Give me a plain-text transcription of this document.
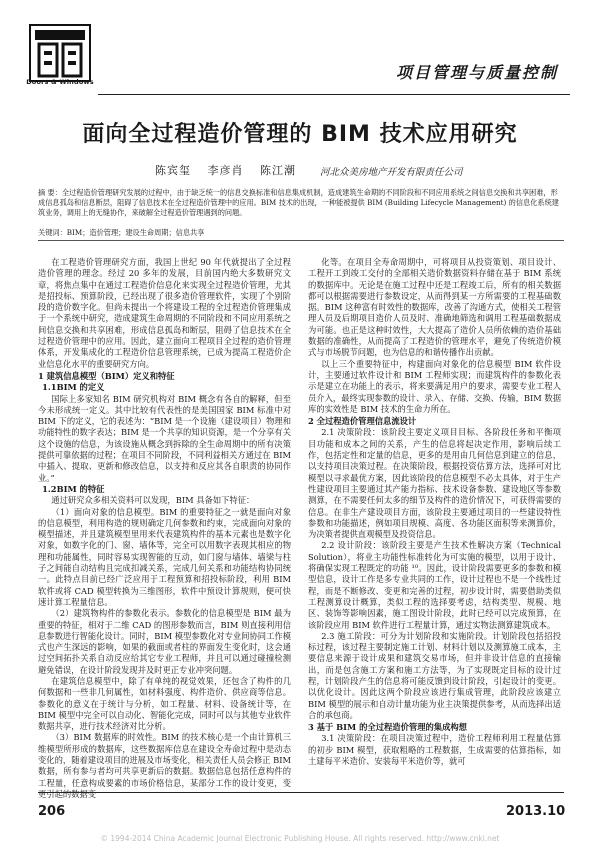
Doors & Windows	项目管理与质量控制
面向全过程造价管理的 BIM 技术应用研究
陈宾玺 李彦肖 陈江潮	河北众美房地产开发有限责任公司
摘 要：全过程造价管理研究发展的过程中，由于缺乏统一的信息交换标准和信息集成机制，造成建筑生命期的不同阶段和不同应用系统之间信息交换和共享困难，形成信息孤岛和信息断层，阻碍了信息技术在全过程造价管理中的应用。BIM 技术的出现，一种能被提供 BIM (Building Lifecycle Management) 的信息化系统建筑业务，调用上的无缝协作，来破解全过程造价管理遇到的问题。
关键词：BIM；造价管理；建设生命周期；信息共享

在工程造价管理研究方面，我国上世纪 90 年代就提出了全过程造价管理的理念。经过 20 多年的发展，目前国内绝大多数研究文章，将焦点集中在通过工程造价信息化来实现全过程造价管理，尤其是招投标、预算阶段，已经出现了很多造价管理软件，实现了个别阶段的造价数字化。但尚未提出一个将建设工程的全过程造价管理集成于一个系统中研究，造成建筑生命周期的不同阶段和不同应用系统之间信息交换和共享困难，形成信息孤岛和断层，阻碍了信息技术在全过程造价管理中的应用。因此，建立面向工程项目全过程的造价管理体系，开发集成化的工程造价信息管理系统，已成为提高工程造价企业信息化水平的重要研究方向。

1 建筑信息模型（BIM）定义和特征

1.1BIM 的定义

国际上多家知名 BIM 研究机构对 BIM 概念有各自的解释，但至今未形成统一定义。其中比较有代表性的是美国国家 BIM 标准中对 BIM 下的定义，它的表述为：“BIM 是一个设施（建设项目）物理和功能特性的数字表达；BIM 是一个共享的知识资源，是一个分享有关这个设施的信息，为该设施从概念到拆除的全生命周期中的所有决策提供可靠依据的过程；在项目不同阶段，不同利益相关方通过在 BIM 中插入、提取、更新和修改信息，以支持和反应其各自职责的协同作业。”

1.2BIM 的特征

通过研究众多相关资料可以发现，BIM 具备如下特征：

（1）面向对象的信息模型。BIM 的重要特征之一就是面向对象的信息模型，利用构造的规则确定几何参数和约束，完成面向对象的模型描述，并且建筑模型里用来代表建筑构件的基本元素也是数字化对象，如数字化的门、窗、墙体等，完全可以用数字表现其相应的物理和功能属性，同时容易实现智能的互动，如门窗与墙体、墙梁与柱子之间能自动结构且完成扣减关系，完成几何关系和功能结构协同统一。此特点目前已经广泛应用于工程预算和招投标阶段，利用 BIM 软件或将 CAD 模型转换为三维图形，软件中预设计算规则，便可快速计算工程量信息。

（2）建筑物构件的参数化表示。参数化的信息模型是 BIM 最为重要的特征，相对于二维 CAD 的图形参数而言，BIM 则直接利用信息参数进行智能化设计。同时，BIM 模型参数化对专业间协同工作模式也产生深远的影响，如果的截面或者柱的界面发生变化时，这会通过空间拓扑关系自动反应给其它专业工程师，并且可以通过碰撞检测避免错误，在设计阶段发现并及时更正专业冲突问题。

在建筑信息模型中，除了有单纯的视觉效果，还包含了构件的几何数据和一些非几何属性，如材料强度、构件造价、供应商等信息。参数化的意义在于统计与分析，如工程量、材料、设备统计等，在 BIM 模型中完全可以自动化、智能化完成，同时可以与其他专业软件数据共享，进行技术经济对比分析。

（3）BIM 数据库的时效性。BIM 的技术核心是一个由计算机三维模型所形成的数据库，这些数据库信息在建设全寿命过程中是动态变化的，随着建设项目的进展及市场变化，相关责任人员会修正 BIM 数据，所有参与者均可共享更新后的数据。数据信息包括任意构件的工程量，任意构成要素的市场价格信息，某部分工作的设计变更，变更引起的数据变

化等。在项目全寿命周期中，可将项目从投资策划、项目设计、工程开工到竣工交付的全部相关造价数据资料存储在基于 BIM 系统的数据库中。无论是在施工过程中还是工程竣工后，所有的相关数据都可以根据需要进行参数设定，从而得到某一方所需要的工程基础数据。BIM 这种富有时效性的数据库，改善了沟通方式，使相关工程管理人员及后期项目造价人员及时、准确地筛选和调用工程基础数据成为可能。也正是这种时效性，大大提高了造价人员所依赖的造价基础数据的准确性，从而提高了工程造价的管理水平，避免了传统造价模式与市场脱节问题，也为信息的和谐传播作出贡献。

以上三个重要特征中，构建面向对象化的信息模型 BIM 软件设计，主要通过软件设计和 BIM 工程师实现；而建筑构件的参数化表示是建立在功能上的表示，将来要满足用户的要求，需要专业工程人员介入，最终实现参数的设计、录入、存储、交换、传输，BIM 数据库的实效性是 BIM 技术的生命力所在。

2 全过程造价管理信息流设计

2.1 决策阶段：该阶段主要定义项目目标、各阶段任务和平衡项目功能和成本之间的关系，产生的信息将起决定作用，影响后续工作，包括定性和定量的信息，更多的是用由几何信息到建立的信息，以支持项目决策过程。在决策阶段，根据投资估算方法，选择可对比模型以寻求最优方案，因此该阶段的信息模型不必太具体，对于生产性建设项目主要通过其产能力指标、技术设备参数、建设地区等参数测算，在不需要任何太多的细节及构件的造价情况下，可获得需要的信息。在非生产建设项目方面，该阶段主要通过项目的一些建设特性参数和功能描述，例如项目规模、高度、各功能区面积等来测算价，为决策者提供直观模型及投资信息。

2.2 设计阶段：该阶段主要是产生技术性解决方案（Technical Solution），将业主功能性标准转化为可实施的模型，以用于设计、将确保实现工程既定的功能 ¹⁰。因此，设计阶段需要更多的参数和模型信息，设计工作是多专业共同的工作，设计过程也不是一个线性过程，而是不断修改、变更和完善的过程，初步设计时，需要借助类似工程测算设计概算，类似工程的选择要考虑，结构类型、规模、地区、装饰等影响因素，施工图设计阶段，此时已经可以完成预算，在该阶段应用 BIM 软件进行工程量计算，通过实物法测算建筑成本。

2.3 施工阶段：可分为计划阶段和实施阶段。计划阶段包括招投标过程，该过程主要制定施工计划、材料计划以及测算施工成本，主要信息来源于设计成果和建筑交易市场，但并非设计信息的直接输出，而是包含施工方案和施工方法等，为了实现既定目标的设计过程，计划阶段产生的信息将可能反馈到设计阶段，引起设计的变更。以优化设计。因此这两个阶段应该进行集成管理，此阶段应该建立 BIM 模型的展示和自动计量功能为业主决策提供参考，从而选择出适合的承包商。

3 基于 BIM 的全过程造价管理的集成构想

3.1 决策阶段：在项目决策过程中，造价工程师利用工程量估算的初步 BIM 模型，获取粗略的工程数据，生成需要的估算指标，如土建每平米造价、安装每平米造价等，就可

206	2013.10
© 1994-2014 China Academic Journal Electronic Publishing House. All rights reserved. http://www.cnki.net
